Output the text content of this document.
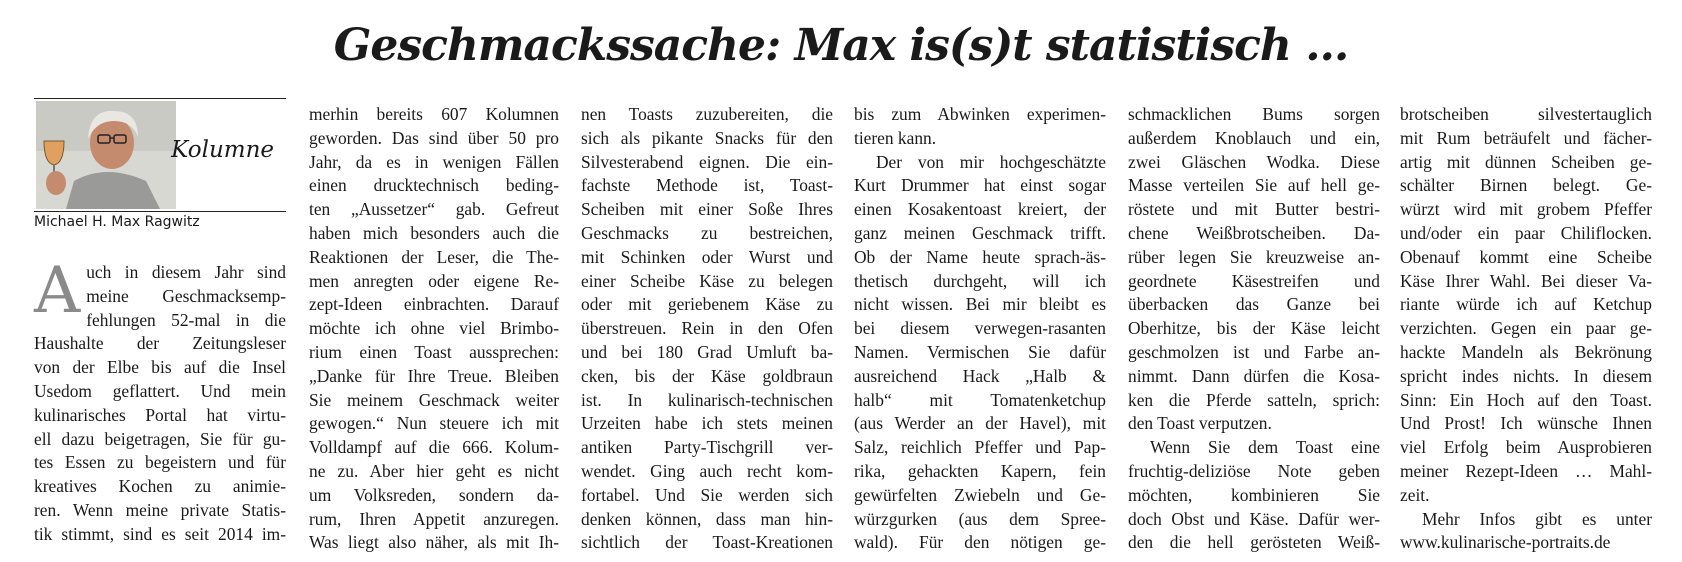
Geschmackssache: Max is(s)t statistisch …
Kolumne
Michael H. Max Ragwitz
A uch in diesem Jahr sind
meine Geschmacksemp-
fehlungen 52-mal in die
Haushalte der Zeitungsleser
von der Elbe bis auf die Insel
Usedom geflattert. Und mein
kulinarisches Portal hat virtu-
ell dazu beigetragen, Sie für gu-
tes Essen zu begeistern und für
kreatives Kochen zu animie-
ren. Wenn meine private Statis-
tik stimmt, sind es seit 2014 im-
merhin bereits 607 Kolumnen
geworden. Das sind über 50 pro
Jahr, da es in wenigen Fällen
einen drucktechnisch beding-
ten „Aussetzer“ gab. Gefreut
haben mich besonders auch die
Reaktionen der Leser, die The-
men anregten oder eigene Re-
zept-Ideen einbrachten. Darauf
möchte ich ohne viel Brimbo-
rium einen Toast aussprechen:
„Danke für Ihre Treue. Bleiben
Sie meinem Geschmack weiter
gewogen.“ Nun steuere ich mit
Volldampf auf die 666. Kolum-
ne zu. Aber hier geht es nicht
um Volksreden, sondern da-
rum, Ihren Appetit anzuregen.
Was liegt also näher, als mit Ih-
nen Toasts zuzubereiten, die
sich als pikante Snacks für den
Silvesterabend eignen. Die ein-
fachste Methode ist, Toast-
Scheiben mit einer Soße Ihres
Geschmacks zu bestreichen,
mit Schinken oder Wurst und
einer Scheibe Käse zu belegen
oder mit geriebenem Käse zu
überstreuen. Rein in den Ofen
und bei 180 Grad Umluft ba-
cken, bis der Käse goldbraun
ist. In kulinarisch-technischen
Urzeiten habe ich stets meinen
antiken Party-Tischgrill ver-
wendet. Ging auch recht kom-
fortabel. Und Sie werden sich
denken können, dass man hin-
sichtlich der Toast-Kreationen
bis zum Abwinken experimen-
tieren kann.
Der von mir hochgeschätzte
Kurt Drummer hat einst sogar
einen Kosakentoast kreiert, der
ganz meinen Geschmack trifft.
Ob der Name heute sprach-äs-
thetisch durchgeht, will ich
nicht wissen. Bei mir bleibt es
bei diesem verwegen-rasanten
Namen. Vermischen Sie dafür
ausreichend Hack „Halb &
halb“ mit Tomatenketchup
(aus Werder an der Havel), mit
Salz, reichlich Pfeffer und Pap-
rika, gehackten Kapern, fein
gewürfelten Zwiebeln und Ge-
würzgurken (aus dem Spree-
wald). Für den nötigen ge-
schmacklichen Bums sorgen
außerdem Knoblauch und ein,
zwei Gläschen Wodka. Diese
Masse verteilen Sie auf hell ge-
röstete und mit Butter bestri-
chene Weißbrotscheiben. Da-
rüber legen Sie kreuzweise an-
geordnete Käsestreifen und
überbacken das Ganze bei
Oberhitze, bis der Käse leicht
geschmolzen ist und Farbe an-
nimmt. Dann dürfen die Kosa-
ken die Pferde satteln, sprich:
den Toast verputzen.
Wenn Sie dem Toast eine
fruchtig-deliziöse Note geben
möchten, kombinieren Sie
doch Obst und Käse. Dafür wer-
den die hell gerösteten Weiß-
brotscheiben silvestertauglich
mit Rum beträufelt und fächer-
artig mit dünnen Scheiben ge-
schälter Birnen belegt. Ge-
würzt wird mit grobem Pfeffer
und/oder ein paar Chiliflocken.
Obenauf kommt eine Scheibe
Käse Ihrer Wahl. Bei dieser Va-
riante würde ich auf Ketchup
verzichten. Gegen ein paar ge-
hackte Mandeln als Bekrönung
spricht indes nichts. In diesem
Sinn: Ein Hoch auf den Toast.
Und Prost! Ich wünsche Ihnen
viel Erfolg beim Ausprobieren
meiner Rezept-Ideen … Mahl-
zeit.
Mehr Infos gibt es unter
www.kulinarische-portraits.de
